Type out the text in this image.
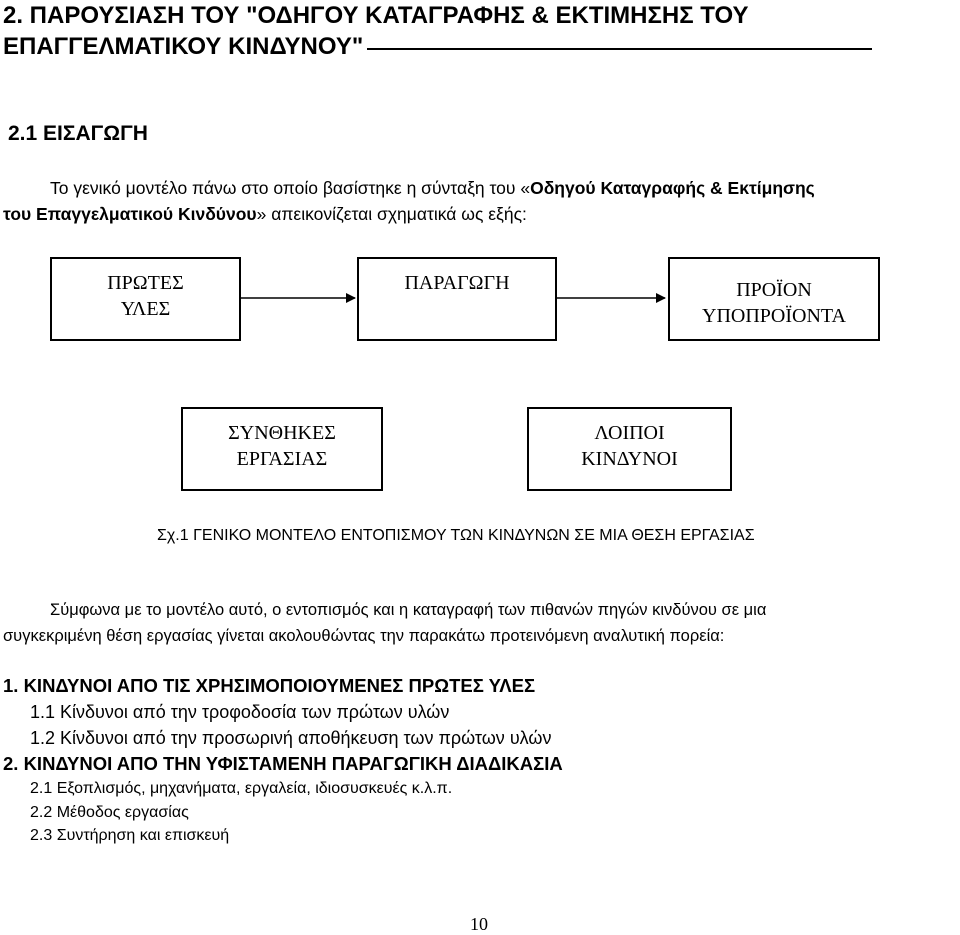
2. ΠΑΡΟΥΣΙΑΣΗ ΤΟΥ "ΟΔΗΓΟΥ ΚΑΤΑΓΡΑΦΗΣ & ΕΚΤΙΜΗΣΗΣ ΤΟΥ
ΕΠΑΓΓΕΛΜΑΤΙΚΟΥ ΚΙΝΔΥΝΟΥ"
2.1 ΕΙΣΑΓΩΓΗ
Το γενικό μοντέλο πάνω στο οποίο βασίστηκε η σύνταξη του «Οδηγού Καταγραφής & Εκτίμησης
του Επαγγελματικού Κινδύνου» απεικονίζεται σχηματικά ως εξής:
ΠΡΩΤΕΣ
ΥΛΕΣ
ΠΑΡΑΓΩΓΗ	ΠΡΟΪΟΝ
ΥΠΟΠΡΟΪΟΝΤΑ
ΣΥΝΘΗΚΕΣ
ΕΡΓΑΣΙΑΣ
ΛΟΙΠΟΙ
ΚΙΝΔΥΝΟΙ
Σχ.1 ΓΕΝΙΚΟ ΜΟΝΤΕΛΟ ΕΝΤΟΠΙΣΜΟΥ ΤΩΝ ΚΙΝΔΥΝΩΝ ΣΕ ΜΙΑ ΘΕΣΗ ΕΡΓΑΣΙΑΣ
Σύμφωνα με το μοντέλο αυτό, ο εντοπισμός και η καταγραφή των πιθανών πηγών κινδύνου σε μια
συγκεκριμένη θέση εργασίας γίνεται ακολουθώντας την παρακάτω προτεινόμενη αναλυτική πορεία:
1. ΚΙΝΔΥΝΟΙ ΑΠΟ ΤΙΣ ΧΡΗΣΙΜΟΠΟΙΟΥΜΕΝΕΣ ΠΡΩΤΕΣ ΥΛΕΣ
1.1 Κίνδυνοι από την τροφοδοσία των πρώτων υλών
1.2 Κίνδυνοι από την προσωρινή αποθήκευση των πρώτων υλών
2. ΚΙΝΔΥΝΟΙ ΑΠΟ ΤΗΝ ΥΦΙΣΤΑΜΕΝΗ ΠΑΡΑΓΩΓΙΚΗ ΔΙΑΔΙΚΑΣΙΑ
2.1 Εξοπλισμός, μηχανήματα, εργαλεία, ιδιοσυσκευές κ.λ.π.
2.2 Μέθοδος εργασίας
2.3 Συντήρηση και επισκευή
10
